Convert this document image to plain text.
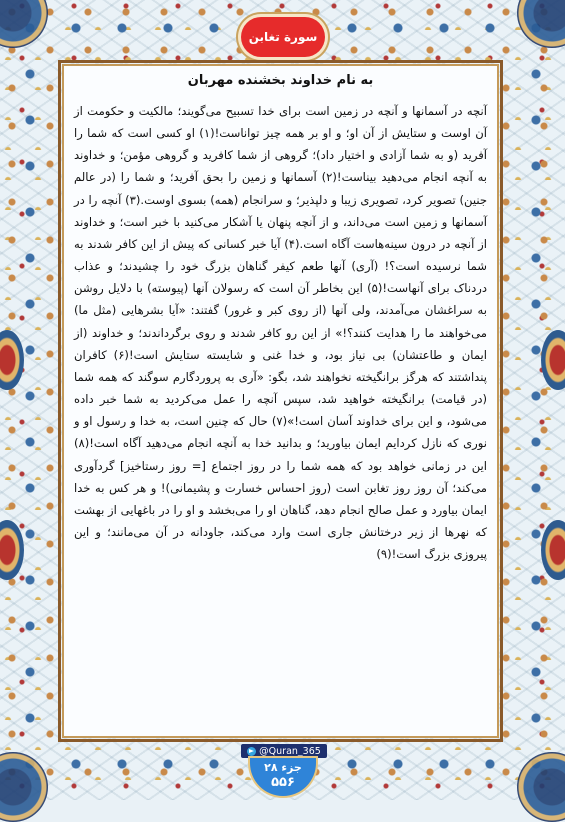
سورة تغابن
به نام خداوند بخشنده مهربان
آنچه در آسمانها و آنچه در زمین است برای خدا تسبیح می‌گویند؛ مالکیت و حکومت از آن اوست و ستایش از آن او؛ و او بر همه چیز تواناست!(۱) او کسی است که شما را آفرید (و به شما آزادی و اختیار داد)؛ گروهی از شما کافرید و گروهی مؤمن؛ و خداوند به آنچه انجام می‌دهید بیناست!(۲) آسمانها و زمین را بحق آفرید؛ و شما را (در عالم جنین) تصویر کرد، تصویری زیبا و دلپذیر؛ و سرانجام (همه) بسوی اوست.(۳) آنچه را در آسمانها و زمین است می‌داند، و از آنچه پنهان یا آشکار می‌کنید با خبر است؛ و خداوند از آنچه در درون سینه‌هاست آگاه است.(۴) آیا خبر کسانی که پیش از این کافر شدند به شما نرسیده است؟! (آری) آنها طعم کیفر گناهان بزرگ خود را چشیدند؛ و عذاب دردناک برای آنهاست!(۵) این بخاطر آن است که رسولان آنها (پیوسته) با دلایل روشن به سراغشان می‌آمدند، ولی آنها (از روی کبر و غرور) گفتند: «آیا بشرهایی (مثل ما) می‌خواهند ما را هدایت کنند؟!» از این رو کافر شدند و روی برگرداندند؛ و خداوند (از ایمان و طاعتشان) بی نیاز بود، و خدا غنی و شایسته ستایش است!(۶) کافران پنداشتند که هرگز برانگیخته نخواهند شد، بگو: «آری به پروردگارم سوگند که همه شما (در قیامت) برانگیخته خواهید شد، سپس آنچه را عمل می‌کردید به شما خبر داده می‌شود، و این برای خداوند آسان است!»(۷) حال که چنین است، به خدا و رسول او و نوری که نازل کردایم ایمان بیاورید؛ و بدانید خدا به آنچه انجام می‌دهید آگاه است!(۸) این در زمانی خواهد بود که همه شما را در روز اجتماع [= روز رستاخیز] گردآوری می‌کند؛ آن روز روز تغابن است (روز احساس خسارت و پشیمانی)! و هر کس به خدا ایمان بیاورد و عمل صالح انجام دهد، گناهان او را می‌بخشد و او را در باغهایی از بهشت که نهرها از زیر درختانش جاری است وارد می‌کند، جاودانه در آن می‌مانند؛ و این پیروزی بزرگ است!(۹)
@Quran_365
جزء ۲۸
۵۵۶
